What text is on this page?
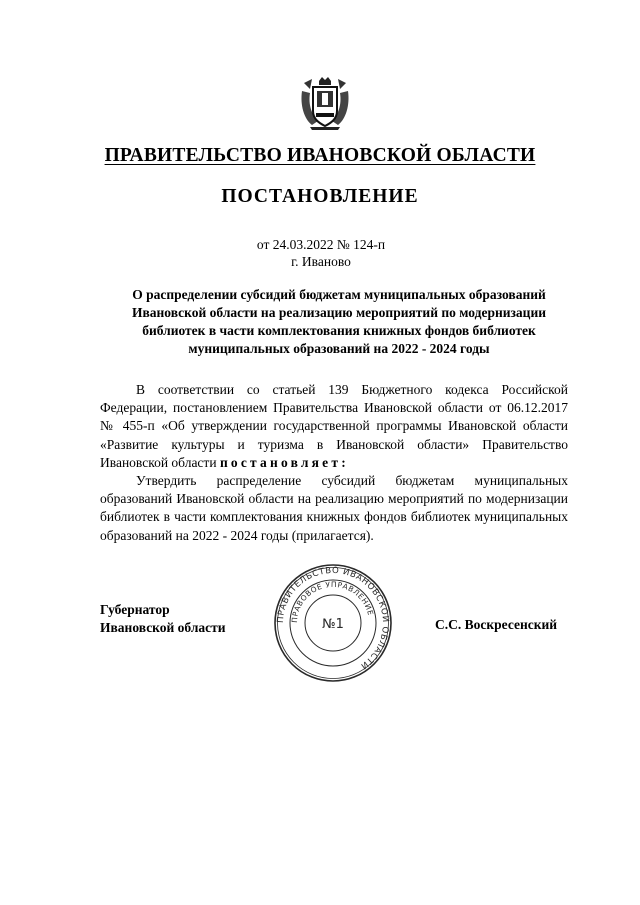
ПРАВИТЕЛЬСТВО ИВАНОВСКОЙ ОБЛАСТИ
ПОСТАНОВЛЕНИЕ
от 24.03.2022 № 124-п
г. Иваново
О распределении субсидий бюджетам муниципальных образований
Ивановской области на реализацию мероприятий по модернизации
библиотек в части комплектования книжных фондов библиотек
муниципальных образований на 2022 - 2024 годы

В соответствии со статьей 139 Бюджетного кодекса Российской Федерации, постановлением Правительства Ивановской области от 06.12.2017 № 455-п «Об утверждении государственной программы Ивановской области «Развитие культуры и туризма в Ивановской области» Правительство Ивановской области постановляет:

Утвердить распределение субсидий бюджетам муниципальных образований Ивановской области на реализацию мероприятий по модернизации библиотек в части комплектования книжных фондов библиотек муниципальных образований на 2022 - 2024 годы (прилагается).

Губернатор
Ивановской области
ПРАВИТЕЛЬСТВО ИВАНОВСКОЙ ОБЛАСТИ
ПРАВОВОЕ УПРАВЛЕНИЕ
№1	С.С. Воскресенский
